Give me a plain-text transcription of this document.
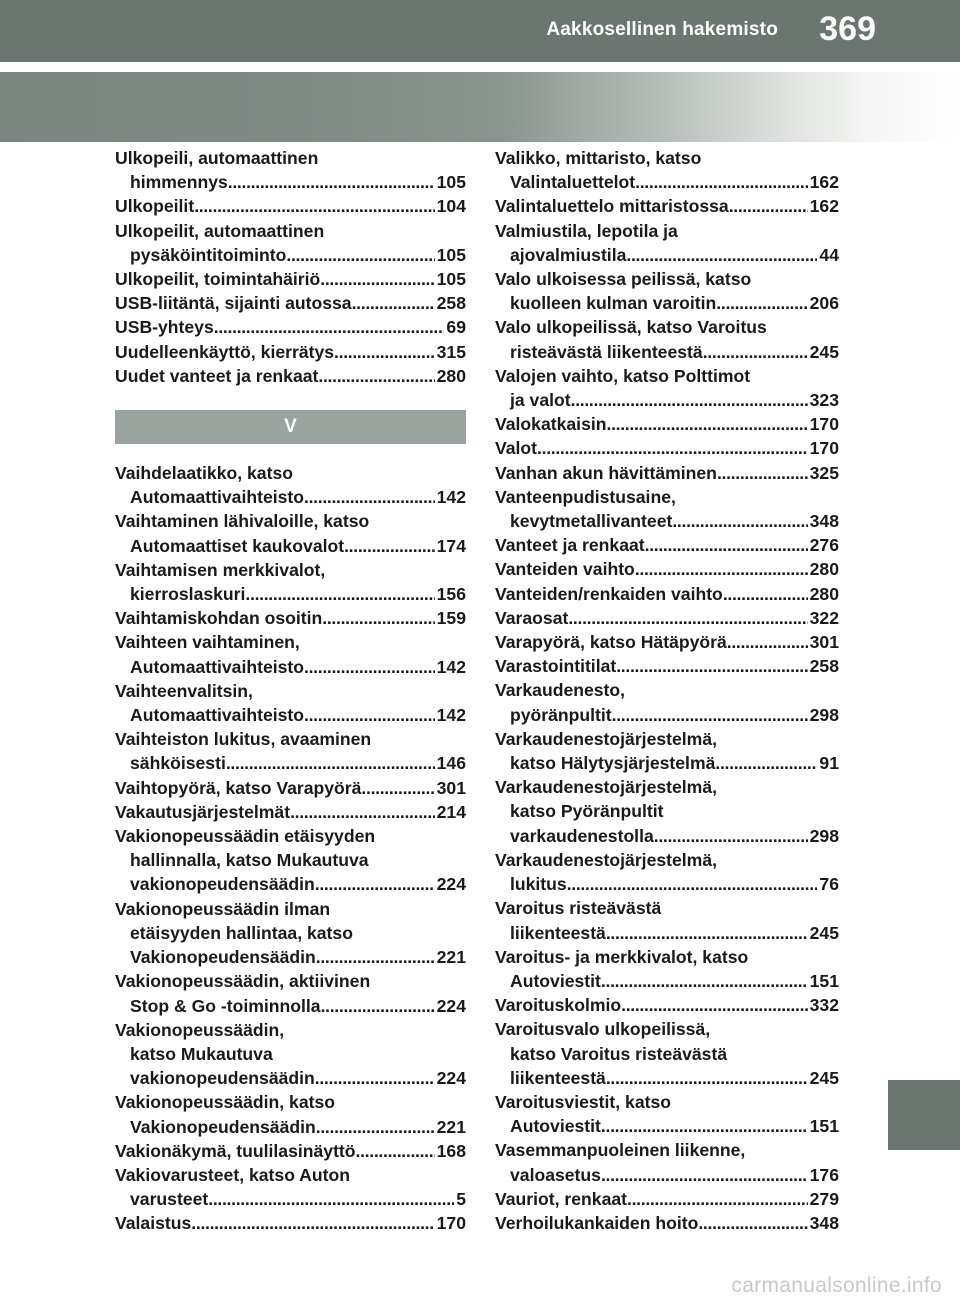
Aakkosellinen hakemisto 369
Ulkopeili, automaattinen
himmennys . . .	105
Ulkopeilit . . .	104
Ulkopeilit, automaattinen
pysäköintitoiminto . . .	105
Ulkopeilit, toimintahäiriö . . .	105
USB-liitäntä, sijainti autossa . . .	258
USB-yhteys . . .	69
Uudelleenkäyttö, kierrätys . . .	315
Uudet vanteet ja renkaat . . .	280
V
Vaihdelaatikko, katso
Automaattivaihteisto . . .	142
Vaihtaminen lähivaloille, katso
Automaattiset kaukovalot . . .	174
Vaihtamisen merkkivalot,
kierroslaskuri . . .	156
Vaihtamiskohdan osoitin . . .	159
Vaihteen vaihtaminen,
Automaattivaihteisto . . .	142
Vaihteenvalitsin,
Automaattivaihteisto . . .	142
Vaihteiston lukitus, avaaminen
sähköisesti . . .	146
Vaihtopyörä, katso Varapyörä . . .	301
Vakautusjärjestelmät . . .	214
Vakionopeussäädin etäisyyden
hallinnalla, katso Mukautuva
vakionopeudensäädin . . .	224
Vakionopeussäädin ilman
etäisyyden hallintaa, katso
Vakionopeudensäädin . . .	221
Vakionopeussäädin, aktiivinen
Stop & Go -toiminnolla . . .	224
Vakionopeussäädin,
katso Mukautuva
vakionopeudensäädin . . .	224
Vakionopeussäädin, katso
Vakionopeudensäädin . . .	221
Vakionäkymä, tuulilasinäyttö . . .	168
Vakiovarusteet, katso Auton
varusteet . . .	5
Valaistus . . .	170
Valikko, mittaristo, katso
Valintaluettelot . . .	162
Valintaluettelo mittaristossa . . .	162
Valmiustila, lepotila ja
ajovalmiustila . . .	44
Valo ulkoisessa peilissä, katso
kuolleen kulman varoitin . . .	206
Valo ulkopeilissä, katso Varoitus
risteävästä liikenteestä . . .	245
Valojen vaihto, katso Polttimot
ja valot . . .	323
Valokatkaisin . . .	170
Valot . . .	170
Vanhan akun hävittäminen . . .	325
Vanteenpudistusaine,
kevytmetallivanteet . . .	348
Vanteet ja renkaat . . .	276
Vanteiden vaihto . . .	280
Vanteiden/renkaiden vaihto . . .	280
Varaosat . . .	322
Varapyörä, katso Hätäpyörä . . .	301
Varastointitilat . . .	258
Varkaudenesto,
pyöränpultit . . .	298
Varkaudenestojärjestelmä,
katso Hälytysjärjestelmä . . .	91
Varkaudenestojärjestelmä,
katso Pyöränpultit
varkaudenestolla . . .	298
Varkaudenestojärjestelmä,
lukitus . . .	76
Varoitus risteävästä
liikenteestä . . .	245
Varoitus- ja merkkivalot, katso
Autoviestit . . .	151
Varoituskolmio . . .	332
Varoitusvalo ulkopeilissä,
katso Varoitus risteävästä
liikenteestä . . .	245
Varoitusviestit, katso
Autoviestit . . .	151
Vasemmanpuoleinen liikenne,
valoasetus . . .	176
Vauriot, renkaat . . .	279
Verhoilukankaiden hoito . . .	348
carmanualsonline.info
